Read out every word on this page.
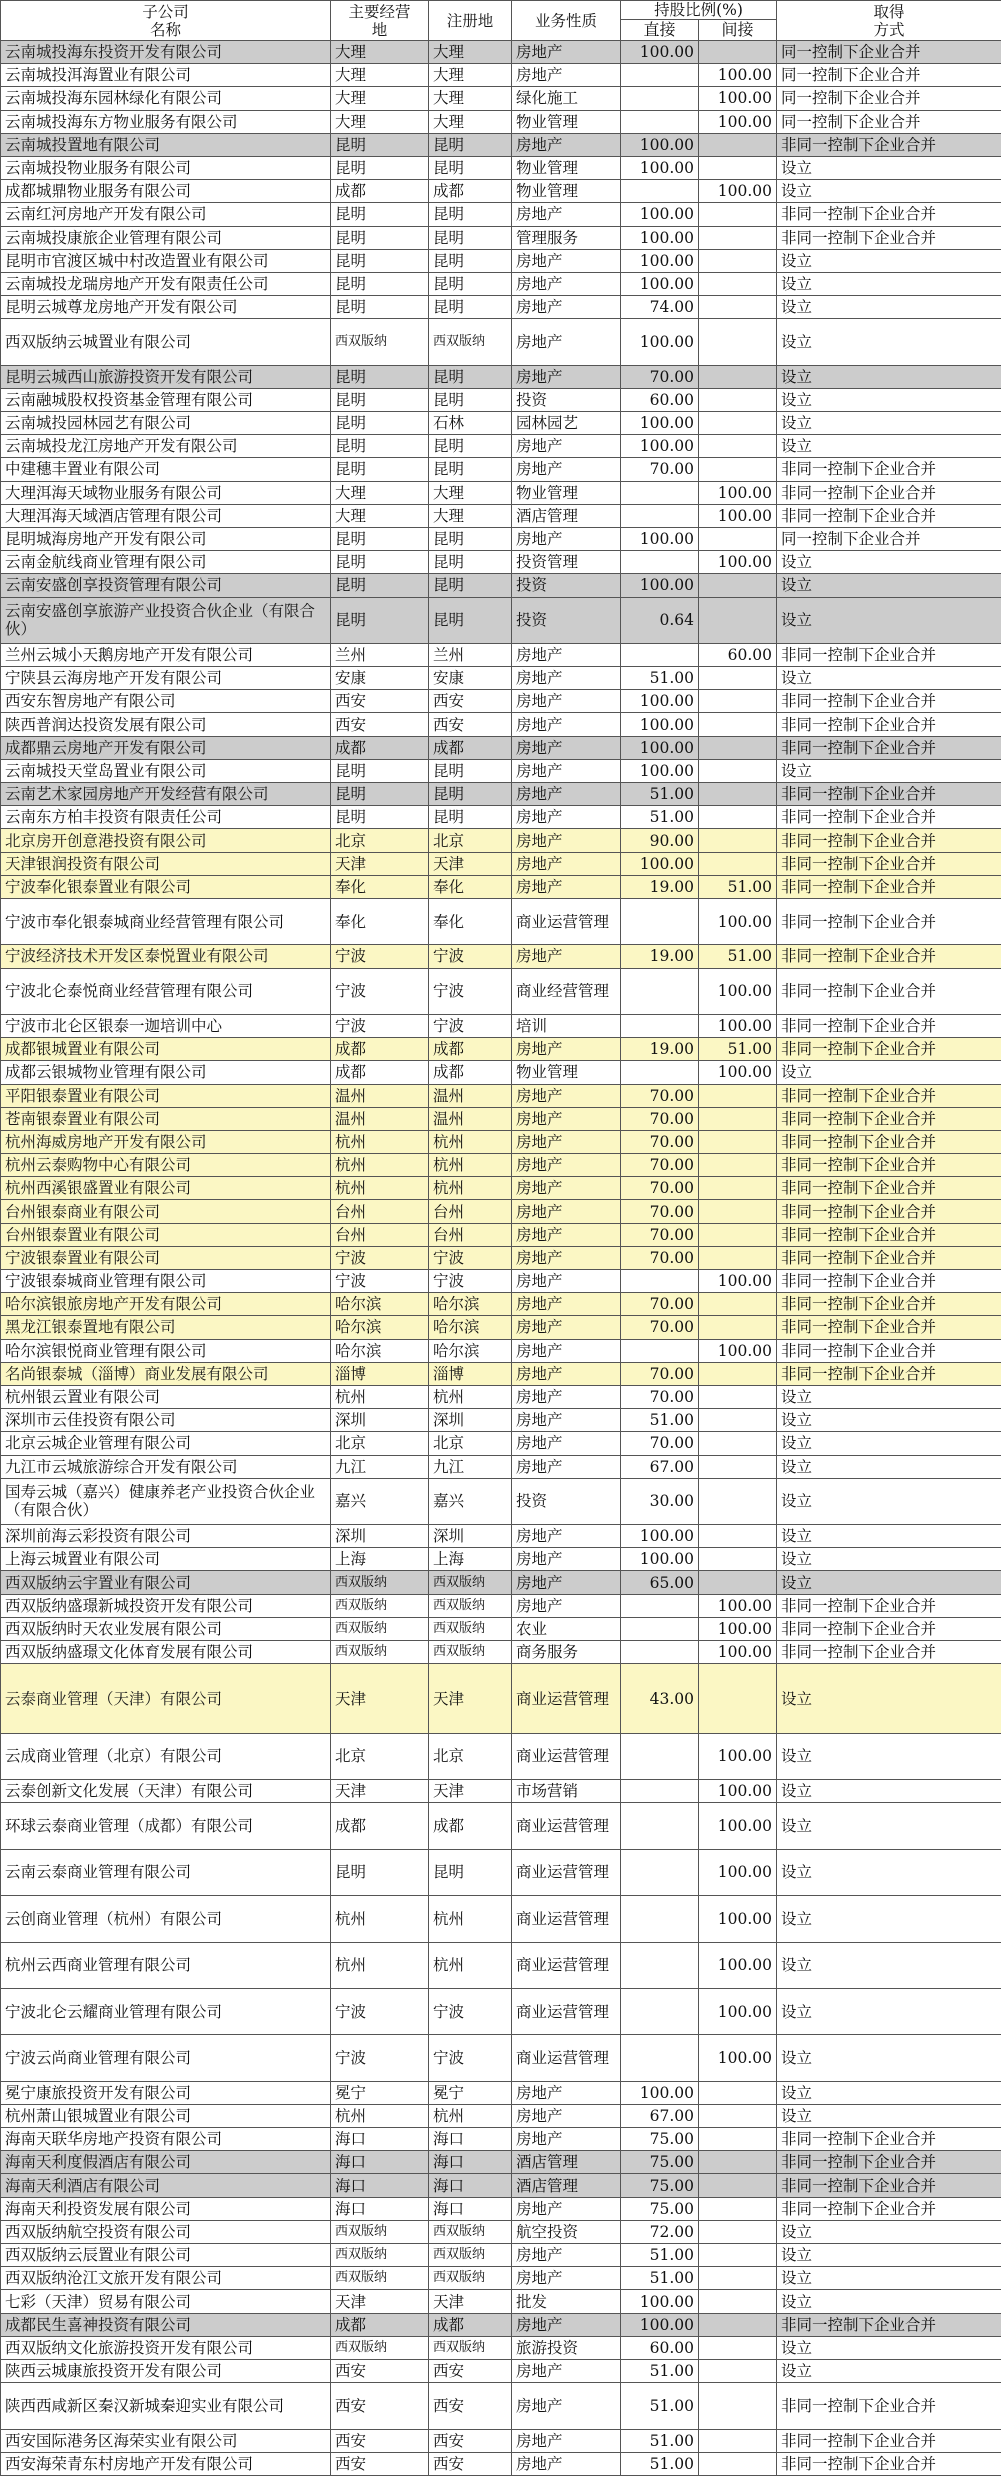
子公司
名称	主要经营
地	注册地	业务性质	持股比例(%)		取得
方式
				直接	间接	
云南城投海东投资开发有限公司	大理	大理	房地产	100.00		同一控制下企业合并
云南城投洱海置业有限公司	大理	大理	房地产		100.00	同一控制下企业合并
云南城投海东园林绿化有限公司	大理	大理	绿化施工		100.00	同一控制下企业合并
云南城投海东方物业服务有限公司	大理	大理	物业管理		100.00	同一控制下企业合并
云南城投置地有限公司	昆明	昆明	房地产	100.00		非同一控制下企业合并
云南城投物业服务有限公司	昆明	昆明	物业管理	100.00		设立
成都城鼎物业服务有限公司	成都	成都	物业管理		100.00	设立
云南红河房地产开发有限公司	昆明	昆明	房地产	100.00		非同一控制下企业合并
云南城投康旅企业管理有限公司	昆明	昆明	管理服务	100.00		非同一控制下企业合并
昆明市官渡区城中村改造置业有限公司	昆明	昆明	房地产	100.00		设立
云南城投龙瑞房地产开发有限责任公司	昆明	昆明	房地产	100.00		设立
昆明云城尊龙房地产开发有限公司	昆明	昆明	房地产	74.00		设立
西双版纳云城置业有限公司	西双版纳	西双版纳	房地产	100.00		设立
昆明云城西山旅游投资开发有限公司	昆明	昆明	房地产	70.00		设立
云南融城股权投资基金管理有限公司	昆明	昆明	投资	60.00		设立
云南城投园林园艺有限公司	昆明	石林	园林园艺	100.00		设立
云南城投龙江房地产开发有限公司	昆明	昆明	房地产	100.00		设立
中建穗丰置业有限公司	昆明	昆明	房地产	70.00		非同一控制下企业合并
大理洱海天域物业服务有限公司	大理	大理	物业管理		100.00	非同一控制下企业合并
大理洱海天域酒店管理有限公司	大理	大理	酒店管理		100.00	非同一控制下企业合并
昆明城海房地产开发有限公司	昆明	昆明	房地产	100.00		同一控制下企业合并
云南金航线商业管理有限公司	昆明	昆明	投资管理		100.00	设立
云南安盛创享投资管理有限公司	昆明	昆明	投资	100.00		设立
云南安盛创享旅游产业投资合伙企业（有限合伙）	昆明	昆明	投资	0.64		设立
兰州云城小天鹅房地产开发有限公司	兰州	兰州	房地产		60.00	非同一控制下企业合并
宁陕县云海房地产开发有限公司	安康	安康	房地产	51.00		设立
西安东智房地产有限公司	西安	西安	房地产	100.00		非同一控制下企业合并
陕西普润达投资发展有限公司	西安	西安	房地产	100.00		非同一控制下企业合并
成都鼎云房地产开发有限公司	成都	成都	房地产	100.00		非同一控制下企业合并
云南城投天堂岛置业有限公司	昆明	昆明	房地产	100.00		设立
云南艺术家园房地产开发经营有限公司	昆明	昆明	房地产	51.00		非同一控制下企业合并
云南东方柏丰投资有限责任公司	昆明	昆明	房地产	51.00		非同一控制下企业合并
北京房开创意港投资有限公司	北京	北京	房地产	90.00		非同一控制下企业合并
天津银润投资有限公司	天津	天津	房地产	100.00		非同一控制下企业合并
宁波奉化银泰置业有限公司	奉化	奉化	房地产	19.00	51.00	非同一控制下企业合并
宁波市奉化银泰城商业经营管理有限公司	奉化	奉化	商业运营管理		100.00	非同一控制下企业合并
宁波经济技术开发区泰悦置业有限公司	宁波	宁波	房地产	19.00	51.00	非同一控制下企业合并
宁波北仑泰悦商业经营管理有限公司	宁波	宁波	商业经营管理		100.00	非同一控制下企业合并
宁波市北仑区银泰一迦培训中心	宁波	宁波	培训		100.00	非同一控制下企业合并
成都银城置业有限公司	成都	成都	房地产	19.00	51.00	非同一控制下企业合并
成都云银城物业管理有限公司	成都	成都	物业管理		100.00	设立
平阳银泰置业有限公司	温州	温州	房地产	70.00		非同一控制下企业合并
苍南银泰置业有限公司	温州	温州	房地产	70.00		非同一控制下企业合并
杭州海威房地产开发有限公司	杭州	杭州	房地产	70.00		非同一控制下企业合并
杭州云泰购物中心有限公司	杭州	杭州	房地产	70.00		非同一控制下企业合并
杭州西溪银盛置业有限公司	杭州	杭州	房地产	70.00		非同一控制下企业合并
台州银泰商业有限公司	台州	台州	房地产	70.00		非同一控制下企业合并
台州银泰置业有限公司	台州	台州	房地产	70.00		非同一控制下企业合并
宁波银泰置业有限公司	宁波	宁波	房地产	70.00		非同一控制下企业合并
宁波银泰城商业管理有限公司	宁波	宁波	房地产		100.00	非同一控制下企业合并
哈尔滨银旅房地产开发有限公司	哈尔滨	哈尔滨	房地产	70.00		非同一控制下企业合并
黑龙江银泰置地有限公司	哈尔滨	哈尔滨	房地产	70.00		非同一控制下企业合并
哈尔滨银悦商业管理有限公司	哈尔滨	哈尔滨	房地产		100.00	非同一控制下企业合并
名尚银泰城（淄博）商业发展有限公司	淄博	淄博	房地产	70.00		非同一控制下企业合并
杭州银云置业有限公司	杭州	杭州	房地产	70.00		设立
深圳市云佳投资有限公司	深圳	深圳	房地产	51.00		设立
北京云城企业管理有限公司	北京	北京	房地产	70.00		设立
九江市云城旅游综合开发有限公司	九江	九江	房地产	67.00		设立
国寿云城（嘉兴）健康养老产业投资合伙企业（有限合伙）	嘉兴	嘉兴	投资	30.00		设立
深圳前海云彩投资有限公司	深圳	深圳	房地产	100.00		设立
上海云城置业有限公司	上海	上海	房地产	100.00		设立
西双版纳云宇置业有限公司	西双版纳	西双版纳	房地产	65.00		设立
西双版纳盛璟新城投资开发有限公司	西双版纳	西双版纳	房地产		100.00	非同一控制下企业合并
西双版纳时天农业发展有限公司	西双版纳	西双版纳	农业		100.00	非同一控制下企业合并
西双版纳盛璟文化体育发展有限公司	西双版纳	西双版纳	商务服务		100.00	非同一控制下企业合并
云泰商业管理（天津）有限公司	天津	天津	商业运营管理	43.00		设立
云成商业管理（北京）有限公司	北京	北京	商业运营管理		100.00	设立
云泰创新文化发展（天津）有限公司	天津	天津	市场营销		100.00	设立
环球云泰商业管理（成都）有限公司	成都	成都	商业运营管理		100.00	设立
云南云泰商业管理有限公司	昆明	昆明	商业运营管理		100.00	设立
云创商业管理（杭州）有限公司	杭州	杭州	商业运营管理		100.00	设立
杭州云西商业管理有限公司	杭州	杭州	商业运营管理		100.00	设立
宁波北仑云耀商业管理有限公司	宁波	宁波	商业运营管理		100.00	设立
宁波云尚商业管理有限公司	宁波	宁波	商业运营管理		100.00	设立
冕宁康旅投资开发有限公司	冕宁	冕宁	房地产	100.00		设立
杭州萧山银城置业有限公司	杭州	杭州	房地产	67.00		设立
海南天联华房地产投资有限公司	海口	海口	房地产	75.00		非同一控制下企业合并
海南天利度假酒店有限公司	海口	海口	酒店管理	75.00		非同一控制下企业合并
海南天利酒店有限公司	海口	海口	酒店管理	75.00		非同一控制下企业合并
海南天利投资发展有限公司	海口	海口	房地产	75.00		非同一控制下企业合并
西双版纳航空投资有限公司	西双版纳	西双版纳	航空投资	72.00		设立
西双版纳云辰置业有限公司	西双版纳	西双版纳	房地产	51.00		设立
西双版纳沧江文旅开发有限公司	西双版纳	西双版纳	房地产	51.00		设立
七彩（天津）贸易有限公司	天津	天津	批发	100.00		设立
成都民生喜神投资有限公司	成都	成都	房地产	100.00		非同一控制下企业合并
西双版纳文化旅游投资开发有限公司	西双版纳	西双版纳	旅游投资	60.00		设立
陕西云城康旅投资开发有限公司	西安	西安	房地产	51.00		设立
陕西西咸新区秦汉新城秦迎实业有限公司	西安	西安	房地产	51.00		非同一控制下企业合并
西安国际港务区海荣实业有限公司	西安	西安	房地产	51.00		非同一控制下企业合并
西安海荣青东村房地产开发有限公司	西安	西安	房地产	51.00		非同一控制下企业合并
